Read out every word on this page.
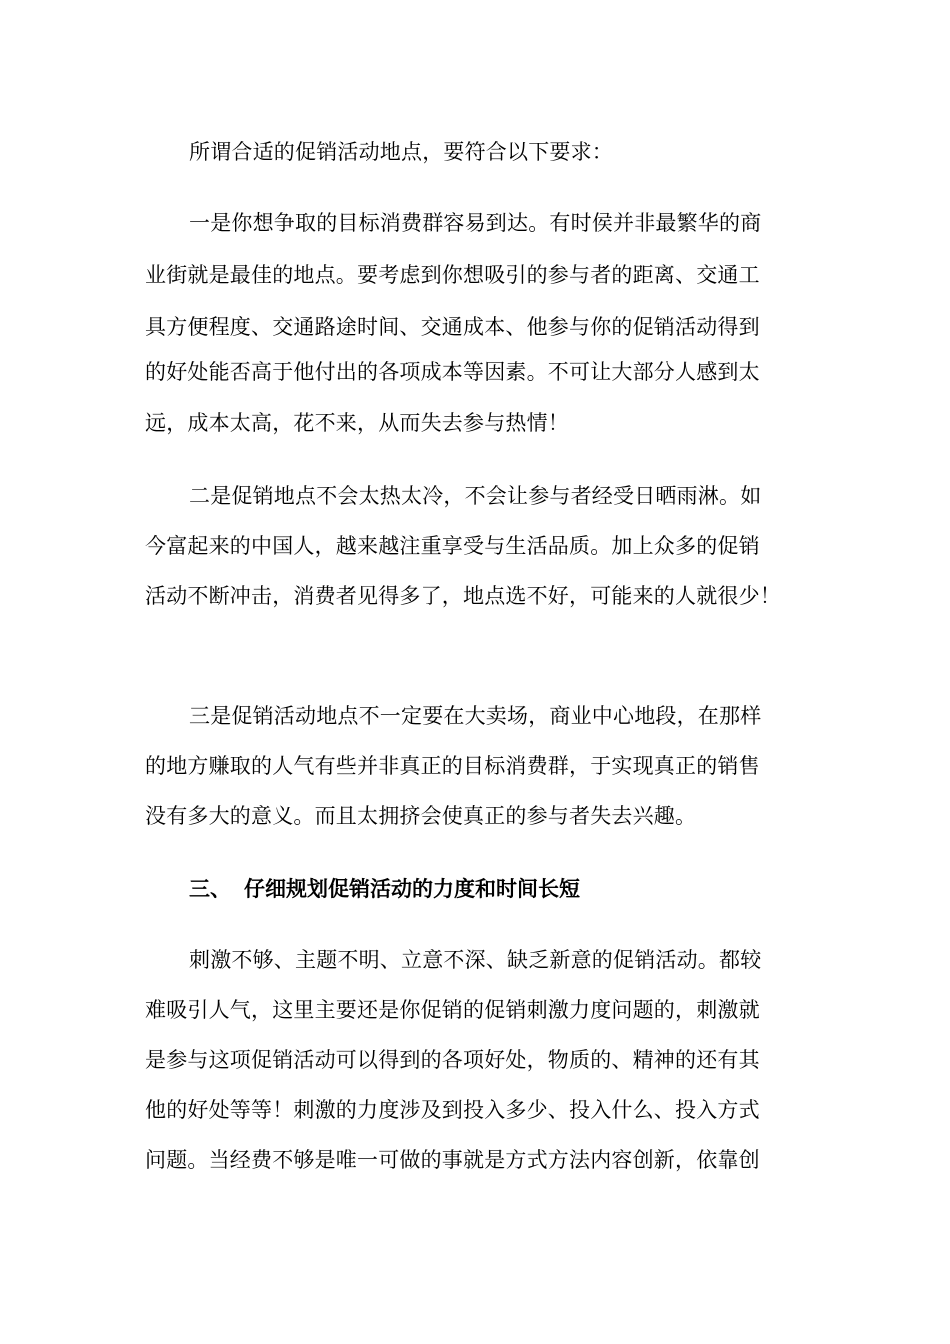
所谓合适的促销活动地点，要符合以下要求：
一是你想争取的目标消费群容易到达。有时侯并非最繁华的商
业街就是最佳的地点。要考虑到你想吸引的参与者的距离、交通工
具方便程度、交通路途时间、交通成本、他参与你的促销活动得到
的好处能否高于他付出的各项成本等因素。不可让大部分人感到太
远，成本太高，花不来，从而失去参与热情！
二是促销地点不会太热太冷，不会让参与者经受日晒雨淋。如
今富起来的中国人，越来越注重享受与生活品质。加上众多的促销
活动不断冲击，消费者见得多了，地点选不好，可能来的人就很少！
三是促销活动地点不一定要在大卖场，商业中心地段，在那样
的地方赚取的人气有些并非真正的目标消费群，于实现真正的销售
没有多大的意义。而且太拥挤会使真正的参与者失去兴趣。
三、 仔细规划促销活动的力度和时间长短
刺激不够、主题不明、立意不深、缺乏新意的促销活动。都较
难吸引人气，这里主要还是你促销的促销刺激力度问题的，刺激就
是参与这项促销活动可以得到的各项好处，物质的、精神的还有其
他的好处等等！刺激的力度涉及到投入多少、投入什么、投入方式
问题。当经费不够是唯一可做的事就是方式方法内容创新，依靠创
